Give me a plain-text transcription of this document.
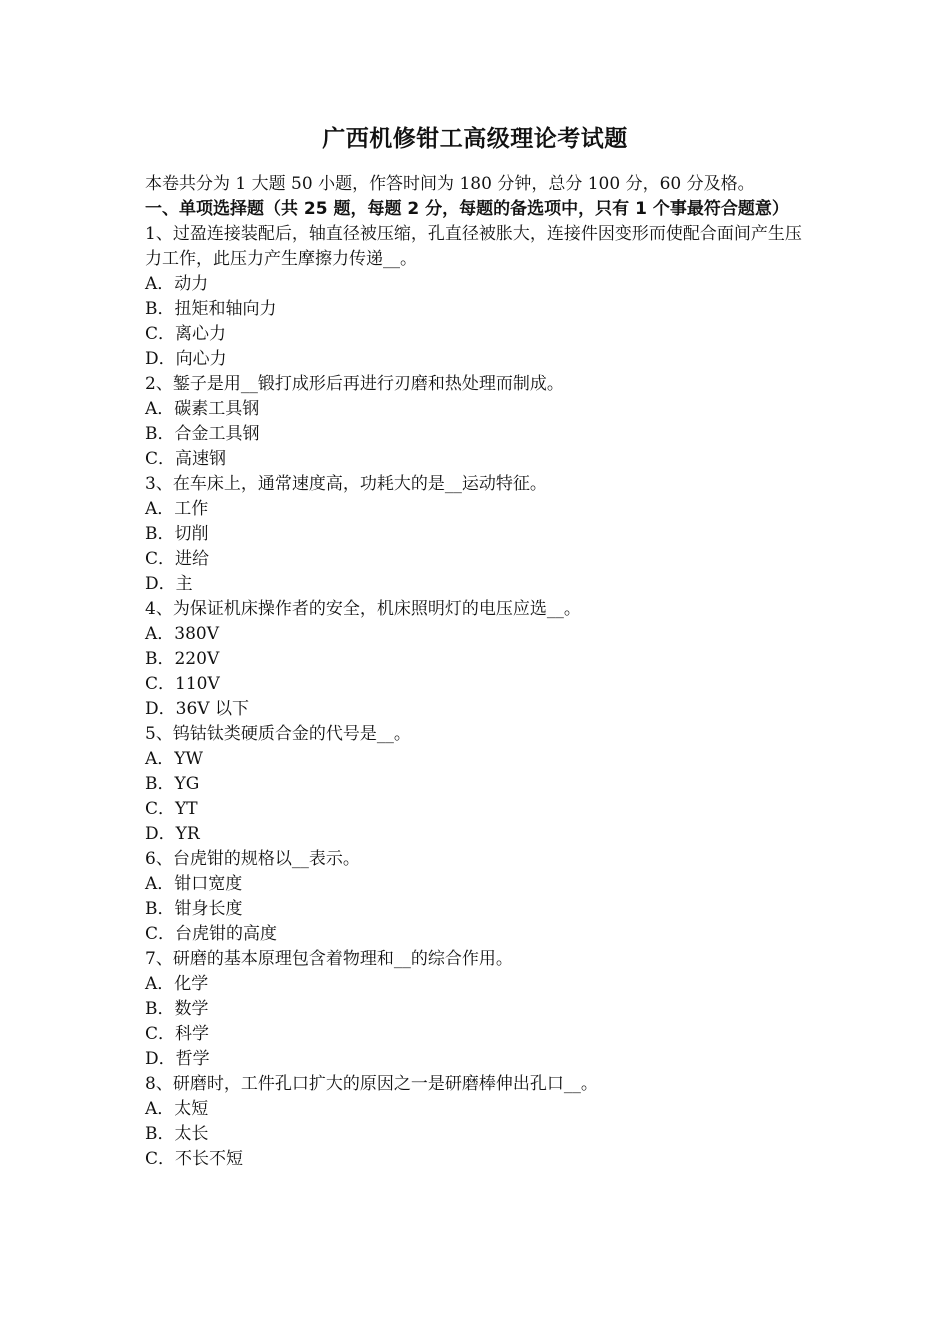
广西机修钳工高级理论考试题
本卷共分为 1 大题 50 小题，作答时间为 180 分钟，总分 100 分，60 分及格。
一、单项选择题（共 25 题，每题 2 分，每题的备选项中，只有 1 个事最符合题意）
1、过盈连接装配后，轴直径被压缩，孔直径被胀大，连接件因变形而使配合面间产生压力工作，此压力产生摩擦力传递__。
A．动力
B．扭矩和轴向力
C．离心力
D．向心力
2、錾子是用__锻打成形后再进行刃磨和热处理而制成。
A．碳素工具钢
B．合金工具钢
C．高速钢
3、在车床上，通常速度高，功耗大的是__运动特征。
A．工作
B．切削
C．进给
D．主
4、为保证机床操作者的安全，机床照明灯的电压应选__。
A．380V
B．220V
C．110V
D．36V 以下
5、钨钴钛类硬质合金的代号是__。
A．YW
B．YG
C．YT
D．YR
6、台虎钳的规格以__表示。
A．钳口宽度
B．钳身长度
C．台虎钳的高度
7、研磨的基本原理包含着物理和__的综合作用。
A．化学
B．数学
C．科学
D．哲学
8、研磨时，工件孔口扩大的原因之一是研磨棒伸出孔口__。
A．太短
B．太长
C．不长不短
